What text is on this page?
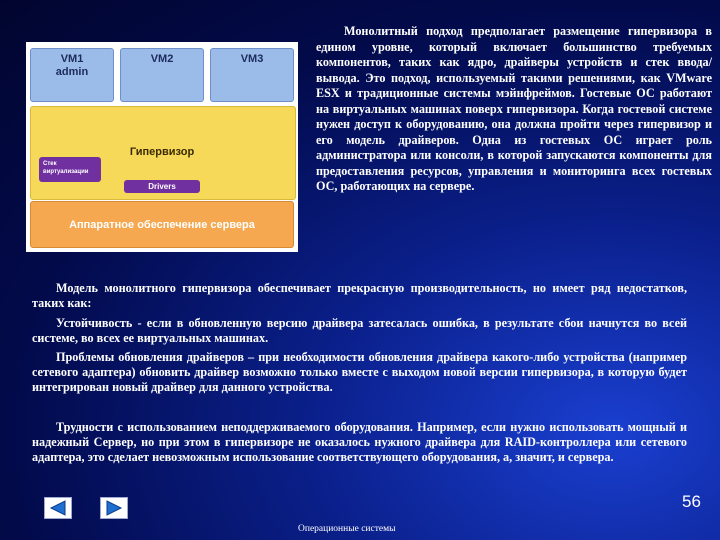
VM1
admin
VM2	VM3
Стек виртуализации
Гипервизор
Drivers
Аппаратное обеспечение сервера

Монолитный подход предполагает размещение гипервизора в едином уровне, который включает большинство требуемых компонентов, таких как ядро, драйверы устройств и стек ввода/вывода. Это подход, используемый такими решениями, как VMware ESX и традиционные системы мэйнфреймов. Гостевые ОС работают на виртуальных машинах поверх гипервизора. Когда гостевой системе нужен доступ к оборудованию, она должна пройти через гипервизор и его модель драйверов. Одна из гостевых ОС играет роль администратора или консоли, в которой запускаются компоненты для предоставления ресурсов, управления и мониторинга всех гостевых ОС, работающих на сервере.

Модель монолитного гипервизора обеспечивает прекрасную производительность, но имеет ряд недостатков, таких как:

Устойчивость - если в обновленную версию драйвера затесалась ошибка, в результате сбои начнутся во всей системе, во всех ее виртуальных машинах.

Проблемы обновления драйверов – при необходимости обновления драйвера какого-либо устройства (например сетевого адаптера) обновить драйвер возможно только вместе с выходом новой версии гипервизора, в которую будет интегрирован новый драйвер для данного устройства.

Трудности с использованием неподдерживаемого оборудования. Например, если нужно использовать мощный и надежный Сервер, но при этом в гипервизоре не оказалось нужного драйвера для RAID-контроллера или сетевого адаптера, это сделает невозможным использование соответствующего оборудования, а, значит, и сервера.

56
Операционные системы
